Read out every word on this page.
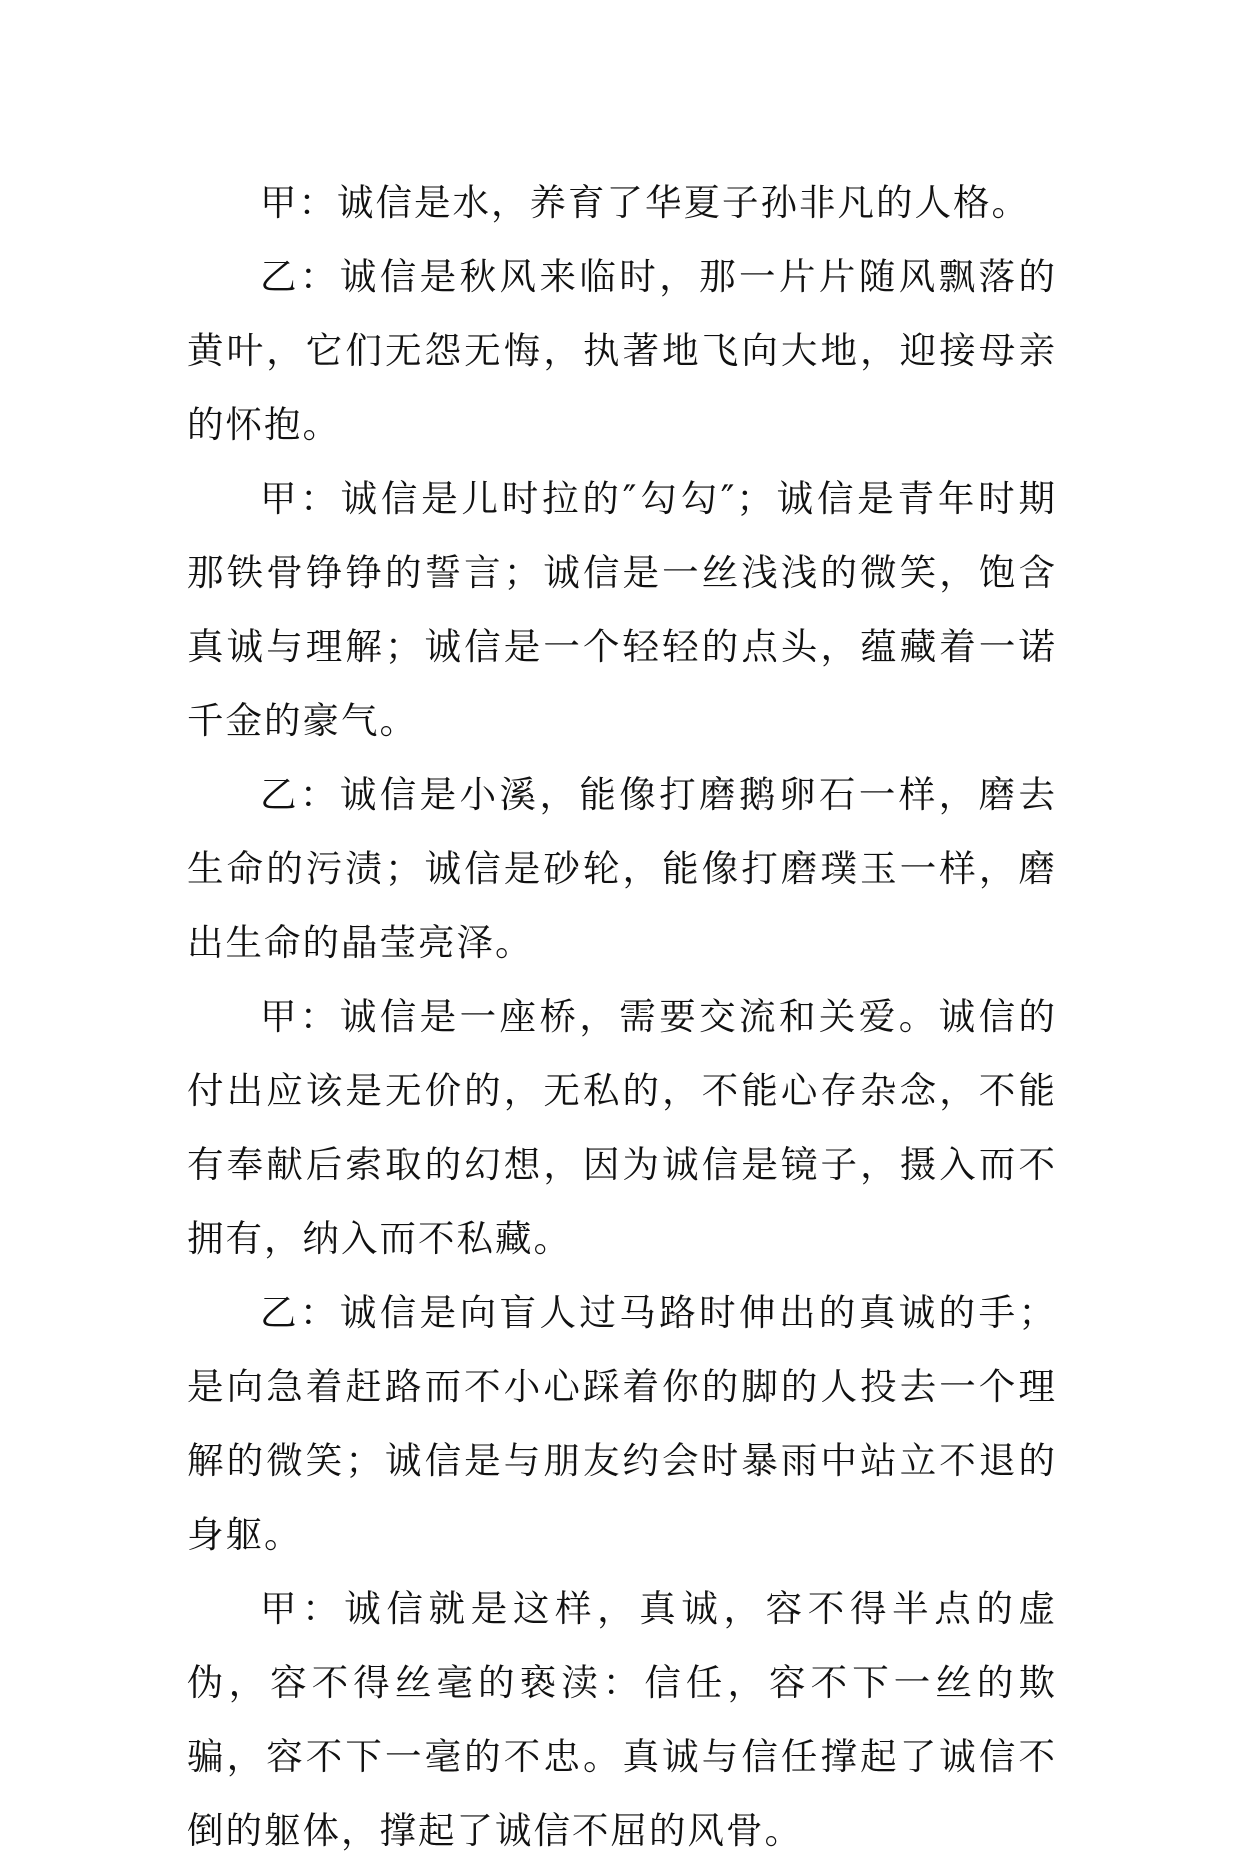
甲：诚信是水，养育了华夏子孙非凡的人格。

乙：诚信是秋风来临时，那一片片随风飘落的黄叶，它们无怨无悔，执著地飞向大地，迎接母亲的怀抱。

甲：诚信是儿时拉的″勾勾″；诚信是青年时期那铁骨铮铮的誓言；诚信是一丝浅浅的微笑，饱含真诚与理解；诚信是一个轻轻的点头，蕴藏着一诺千金的豪气。

乙：诚信是小溪，能像打磨鹅卵石一样，磨去生命的污渍；诚信是砂轮，能像打磨璞玉一样，磨出生命的晶莹亮泽。

甲：诚信是一座桥，需要交流和关爱。诚信的付出应该是无价的，无私的，不能心存杂念，不能有奉献后索取的幻想，因为诚信是镜子，摄入而不拥有，纳入而不私藏。

乙：诚信是向盲人过马路时伸出的真诚的手；是向急着赶路而不小心踩着你的脚的人投去一个理解的微笑；诚信是与朋友约会时暴雨中站立不退的身躯。

甲：诚信就是这样，真诚，容不得半点的虚伪，容不得丝毫的亵渎：信任，容不下一丝的欺骗，容不下一毫的不忠。真诚与信任撑起了诚信不倒的躯体，撑起了诚信不屈的风骨。
